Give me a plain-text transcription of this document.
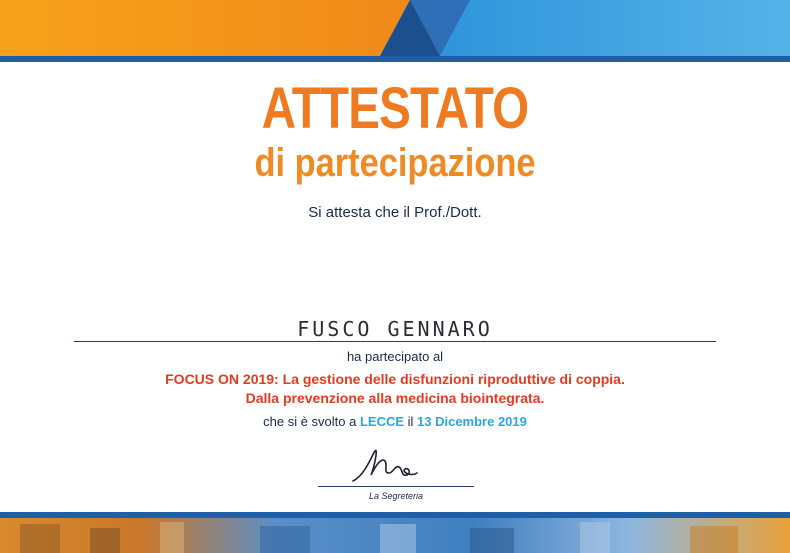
ATTESTATO
di partecipazione
Si attesta che il Prof./Dott.
FUSCO GENNARO
ha partecipato al
FOCUS ON 2019: La gestione delle disfunzioni riproduttive di coppia.
Dalla prevenzione alla medicina biointegrata.
che si è svolto a LECCE il 13 Dicembre 2019
La Segreteria
